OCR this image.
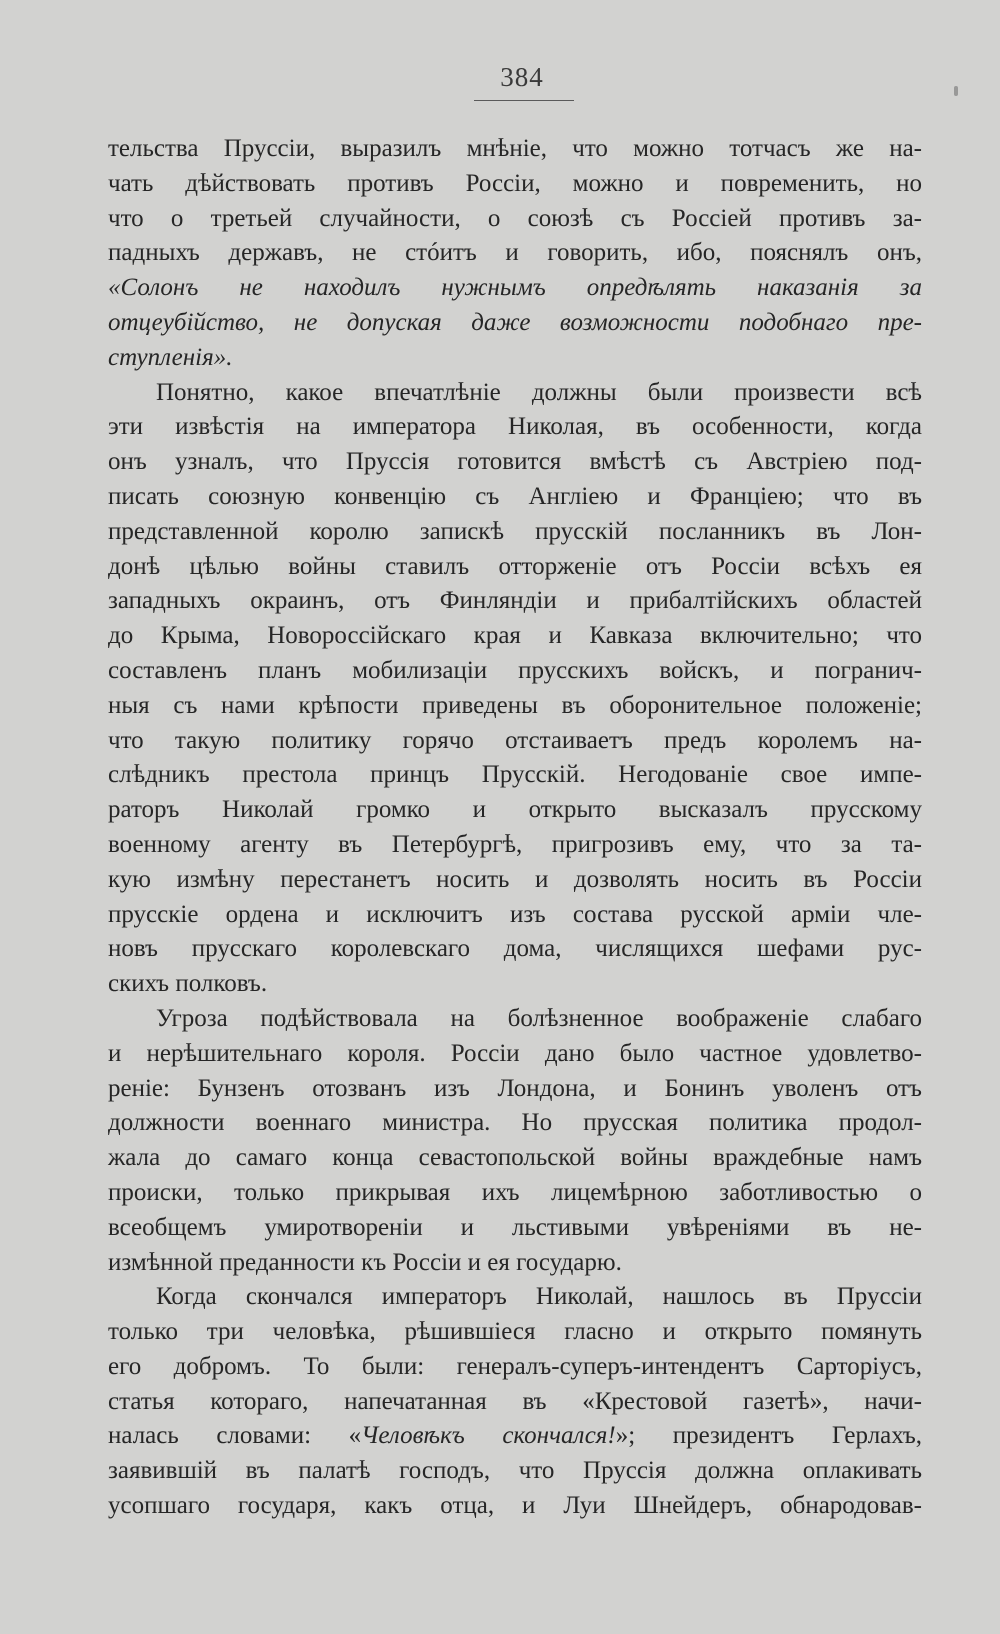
384
тельства Пруссіи, выразилъ мнѣніе, что можно тотчасъ же на-
чать дѣйствовать противъ Россіи, можно и повременить, но
что о третьей случайности, о союзѣ съ Россіей противъ за-
падныхъ державъ, не стóитъ и говорить, ибо, пояснялъ онъ,
«Солонъ не находилъ нужнымъ опредѣлять наказанія за
отцеубійство, не допуская даже возможности подобнаго пре-
ступленія».
Понятно, какое впечатлѣніе должны были произвести всѣ
эти извѣстія на императора Николая, въ особенности, когда
онъ узналъ, что Пруссія готовится вмѣстѣ съ Австріею под-
писать союзную конвенцію съ Англіею и Франціею; что въ
представленной королю запискѣ прусскій посланникъ въ Лон-
донѣ цѣлью войны ставилъ отторженіе отъ Россіи всѣхъ ея
западныхъ окраинъ, отъ Финляндіи и прибалтійскихъ областей
до Крыма, Новороссійскаго края и Кавказа включительно; что
составленъ планъ мобилизаціи прусскихъ войскъ, и погранич-
ныя съ нами крѣпости приведены въ оборонительное положеніе;
что такую политику горячо отстаиваетъ предъ королемъ на-
слѣдникъ престола принцъ Прусскій. Негодованіе свое импе-
раторъ Николай громко и открыто высказалъ прусскому
военному агенту въ Петербургѣ, пригрозивъ ему, что за та-
кую измѣну перестанетъ носить и дозволять носить въ Россіи
прусскіе ордена и исключитъ изъ состава русской арміи чле-
новъ прусскаго королевскаго дома, числящихся шефами рус-
скихъ полковъ.
Угроза подѣйствовала на болѣзненное воображеніе слабаго
и нерѣшительнаго короля. Россіи дано было частное удовлетво-
реніе: Бунзенъ отозванъ изъ Лондона, и Бонинъ уволенъ отъ
должности военнаго министра. Но прусская политика продол-
жала до самаго конца севастопольской войны враждебные намъ
происки, только прикрывая ихъ лицемѣрною заботливостью о
всеобщемъ умиротвореніи и льстивыми увѣреніями въ не-
измѣнной преданности къ Россіи и ея государю.
Когда скончался императоръ Николай, нашлось въ Пруссіи
только три человѣка, рѣшившіеся гласно и открыто помянуть
его добромъ. То были: генералъ-суперъ-интендентъ Сарторіусъ,
статья котораго, напечатанная въ «Крестовой газетѣ», начи-
налась словами: «Человѣкъ скончался!»; президентъ Герлахъ,
заявившій въ палатѣ господъ, что Пруссія должна оплакивать
усопшаго государя, какъ отца, и Луи Шнейдеръ, обнародовав-
